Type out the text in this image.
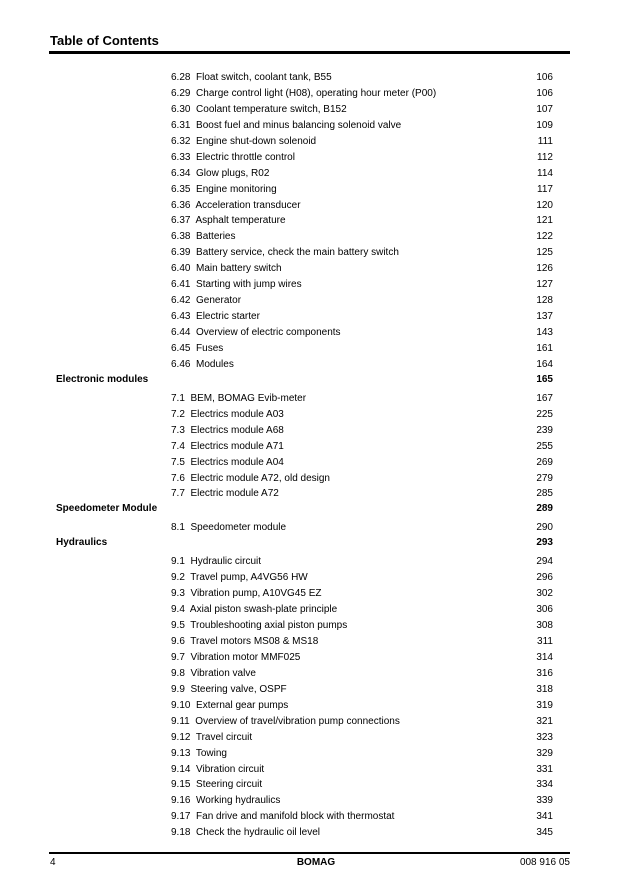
Table of Contents
6.28 Float switch, coolant tank, B55	106
6.29 Charge control light (H08), operating hour meter (P00)	106
6.30 Coolant temperature switch, B152	107
6.31 Boost fuel and minus balancing solenoid valve	109
6.32 Engine shut-down solenoid	111
6.33 Electric throttle control	112
6.34 Glow plugs, R02	114
6.35 Engine monitoring	117
6.36 Acceleration transducer	120
6.37 Asphalt temperature	121
6.38 Batteries	122
6.39 Battery service, check the main battery switch	125
6.40 Main battery switch	126
6.41 Starting with jump wires	127
6.42 Generator	128
6.43 Electric starter	137
6.44 Overview of electric components	143
6.45 Fuses	161
6.46 Modules	164
Electronic modules	165
7.1 BEM, BOMAG Evib-meter	167
7.2 Electrics module A03	225
7.3 Electrics module A68	239
7.4 Electrics module A71	255
7.5 Electrics module A04	269
7.6 Electric module A72, old design	279
7.7 Electric module A72	285
Speedometer Module	289
8.1 Speedometer module	290
Hydraulics	293
9.1 Hydraulic circuit	294
9.2 Travel pump, A4VG56 HW	296
9.3 Vibration pump, A10VG45 EZ	302
9.4 Axial piston swash-plate principle	306
9.5 Troubleshooting axial piston pumps	308
9.6 Travel motors MS08 & MS18	311
9.7 Vibration motor MMF025	314
9.8 Vibration valve	316
9.9 Steering valve, OSPF	318
9.10 External gear pumps	319
9.11 Overview of travel/vibration pump connections	321
9.12 Travel circuit	323
9.13 Towing	329
9.14 Vibration circuit	331
9.15 Steering circuit	334
9.16 Working hydraulics	339
9.17 Fan drive and manifold block with thermostat	341
9.18 Check the hydraulic oil level	345
4	BOMAG	008 916 05
